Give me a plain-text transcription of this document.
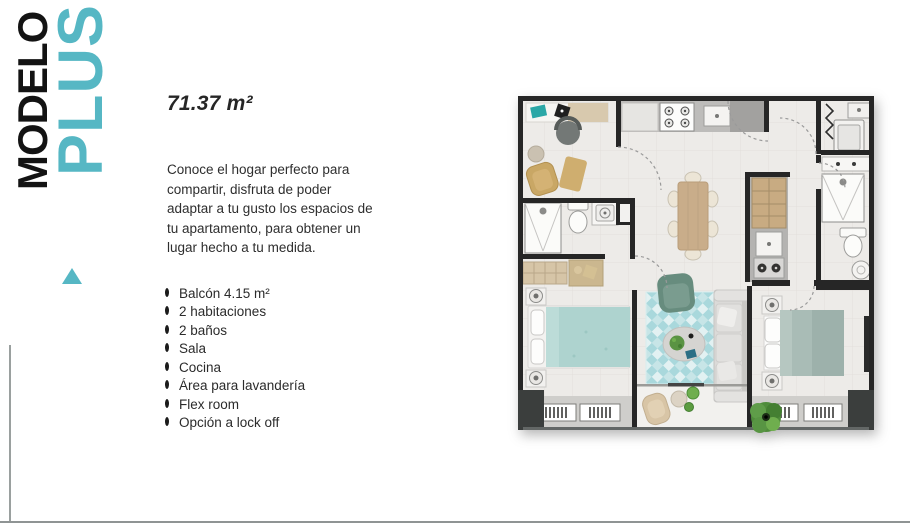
MODELO
PLUS 71.37 m²
Conoce el hogar perfecto para
compartir, disfruta de poder
adaptar a tu gusto los espacios de
tu apartamento, para obtener un
lugar hecho a tu medida.
Balcón 4.15 m²
2 habitaciones
2 baños
Sala
Cocina
Área para lavandería
Flex room
Opción a lock off
